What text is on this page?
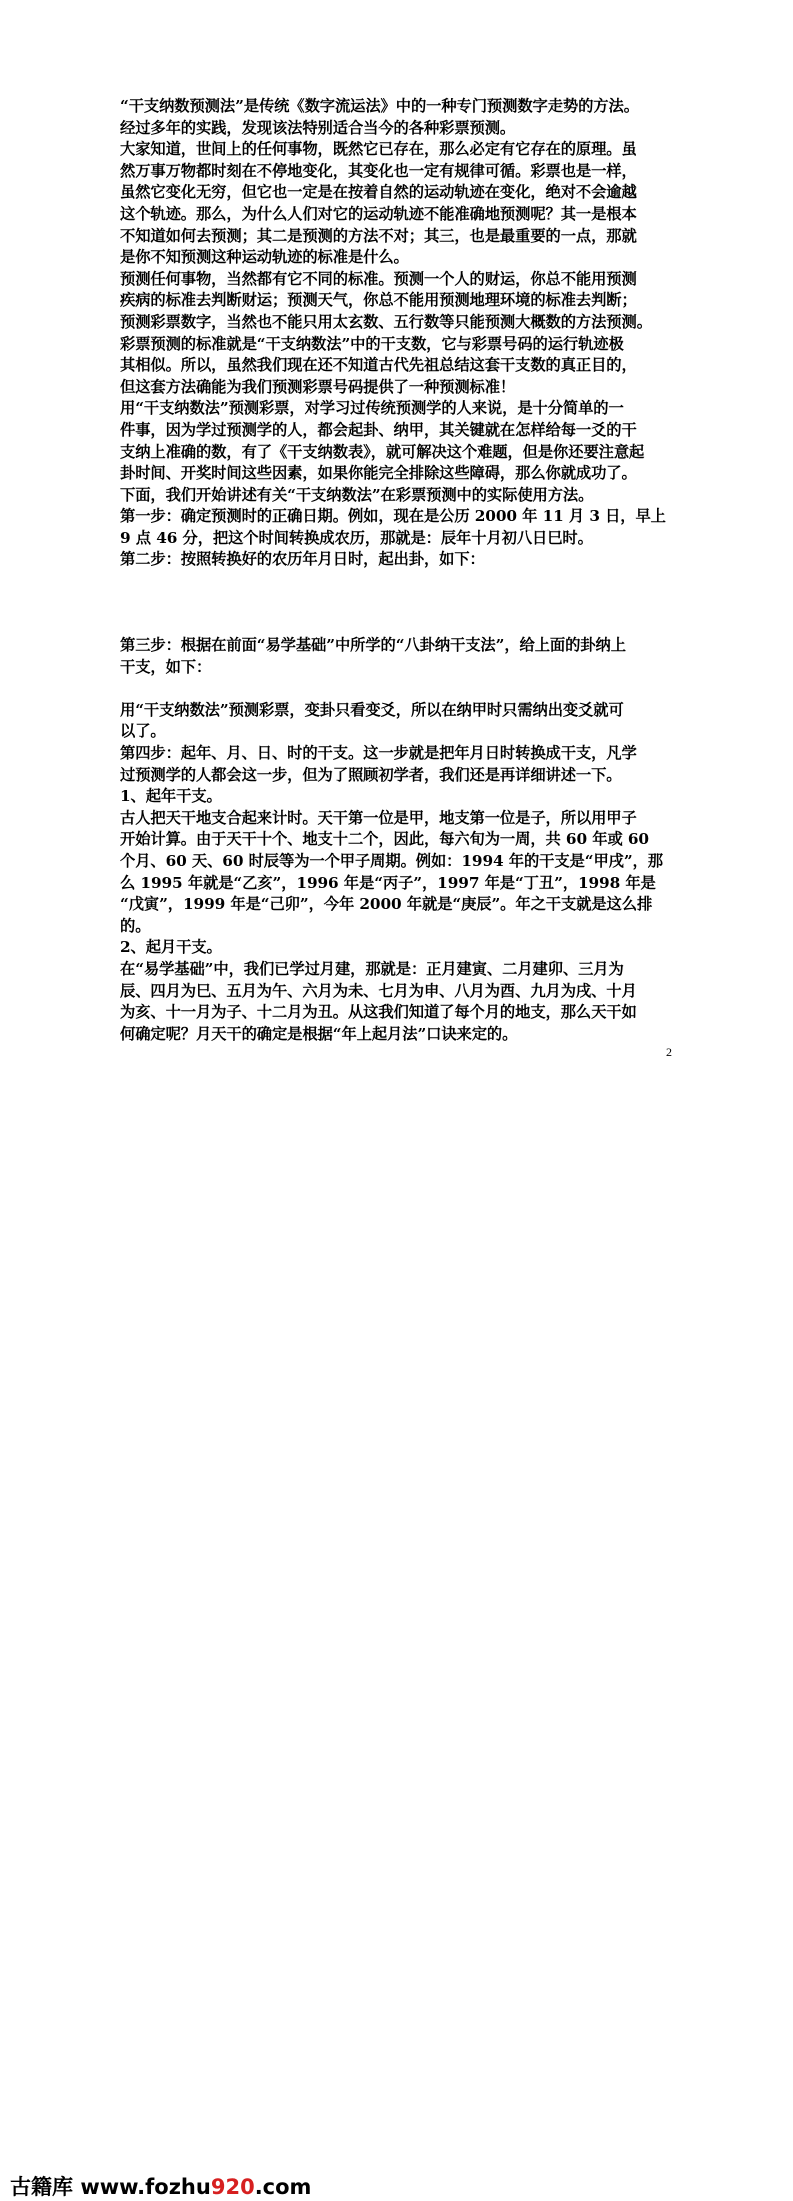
“干支纳数预测法”是传统《数字流运法》中的一种专门预测数字走势的方法。
经过多年的实践，发现该法特别适合当今的各种彩票预测。
大家知道，世间上的任何事物，既然它已存在，那么必定有它存在的原理。虽
然万事万物都时刻在不停地变化，其变化也一定有规律可循。彩票也是一样，
虽然它变化无穷，但它也一定是在按着自然的运动轨迹在变化，绝对不会逾越
这个轨迹。那么，为什么人们对它的运动轨迹不能准确地预测呢？其一是根本
不知道如何去预测；其二是预测的方法不对；其三，也是最重要的一点，那就
是你不知预测这种运动轨迹的标准是什么。
预测任何事物，当然都有它不同的标准。预测一个人的财运，你总不能用预测
疾病的标准去判断财运；预测天气，你总不能用预测地理环境的标准去判断；
预测彩票数字，当然也不能只用太玄数、五行数等只能预测大概数的方法预测。
彩票预测的标准就是“干支纳数法”中的干支数，它与彩票号码的运行轨迹极
其相似。所以，虽然我们现在还不知道古代先祖总结这套干支数的真正目的，
但这套方法确能为我们预测彩票号码提供了一种预测标准！
用“干支纳数法”预测彩票，对学习过传统预测学的人来说，是十分简单的一
件事，因为学过预测学的人，都会起卦、纳甲，其关键就在怎样给每一爻的干
支纳上准确的数，有了《干支纳数表》，就可解决这个难题，但是你还要注意起
卦时间、开奖时间这些因素，如果你能完全排除这些障碍，那么你就成功了。
下面，我们开始讲述有关“干支纳数法”在彩票预测中的实际使用方法。
第一步：确定预测时的正确日期。例如，现在是公历 2000 年 11 月 3 日，早上
9 点 46 分，把这个时间转换成农历，那就是：辰年十月初八日巳时。
第二步：按照转换好的农历年月日时，起出卦，如下：
第三步：根据在前面“易学基础”中所学的“八卦纳干支法”，给上面的卦纳上
干支，如下：
用“干支纳数法”预测彩票，变卦只看变爻，所以在纳甲时只需纳出变爻就可
以了。
第四步：起年、月、日、时的干支。这一步就是把年月日时转换成干支，凡学
过预测学的人都会这一步，但为了照顾初学者，我们还是再详细讲述一下。
1、起年干支。
古人把天干地支合起来计时。天干第一位是甲，地支第一位是子，所以用甲子
开始计算。由于天干十个、地支十二个，因此，每六旬为一周，共 60 年或 60
个月、60 天、60 时辰等为一个甲子周期。例如：1994 年的干支是“甲戌”，那
么 1995 年就是“乙亥”，1996 年是“丙子”，1997 年是“丁丑”，1998 年是
“戊寅”，1999 年是“己卯”，今年 2000 年就是“庚辰”。年之干支就是这么排
的。
2、起月干支。
在“易学基础”中，我们已学过月建，那就是：正月建寅、二月建卯、三月为
辰、四月为巳、五月为午、六月为未、七月为申、八月为酉、九月为戌、十月
为亥、十一月为子、十二月为丑。从这我们知道了每个月的地支，那么天干如
何确定呢？月天干的确定是根据“年上起月法”口诀来定的。
2
古籍库 www.fozhu920.com
